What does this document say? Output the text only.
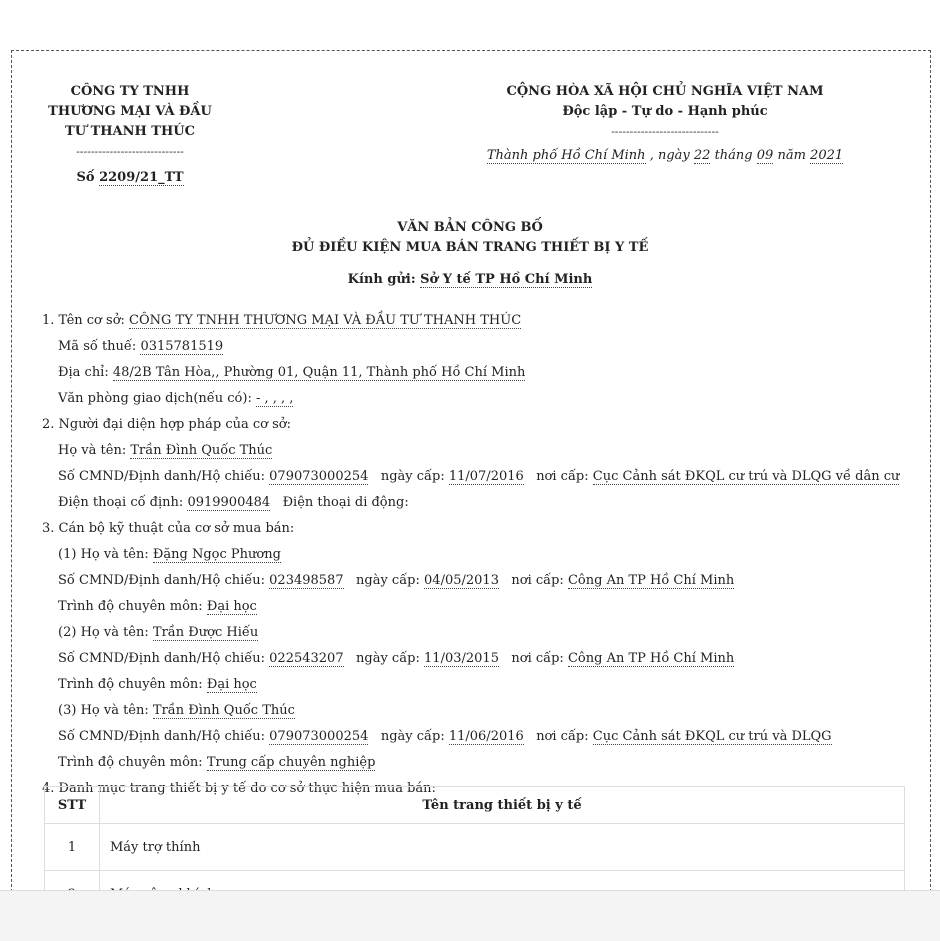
CÔNG TY TNHH
THƯƠNG MẠI VÀ ĐẦU
TƯ THANH THÚC
-----------------------------
Số 2209/21_TT
CỘNG HÒA XÃ HỘI CHỦ NGHĨA VIỆT NAM
Độc lập - Tự do - Hạnh phúc
-----------------------------
Thành phố Hồ Chí Minh , ngày 22 tháng 09 năm 2021
VĂN BẢN CÔNG BỐ
ĐỦ ĐIỀU KIỆN MUA BÁN TRANG THIẾT BỊ Y TẾ
Kính gửi: Sở Y tế TP Hồ Chí Minh
1. Tên cơ sở: CÔNG TY TNHH THƯƠNG MẠI VÀ ĐẦU TƯ THANH THÚC
Mã số thuế: 0315781519
Địa chỉ: 48/2B Tân Hòa,, Phường 01, Quận 11, Thành phố Hồ Chí Minh
Văn phòng giao dịch(nếu có): - , , , ,
2. Người đại diện hợp pháp của cơ sở:
Họ và tên: Trần Đình Quốc Thúc
Số CMND/Định danh/Hộ chiếu: 079073000254 ngày cấp: 11/07/2016 nơi cấp: Cục Cảnh sát ĐKQL cư trú và DLQG về dân cư
Điện thoại cố định: 0919900484 Điện thoại di động:
3. Cán bộ kỹ thuật của cơ sở mua bán:
(1) Họ và tên: Đặng Ngọc Phương
Số CMND/Định danh/Hộ chiếu: 023498587 ngày cấp: 04/05/2013 nơi cấp: Công An TP Hồ Chí Minh
Trình độ chuyên môn: Đại học
(2) Họ và tên: Trần Được Hiếu
Số CMND/Định danh/Hộ chiếu: 022543207 ngày cấp: 11/03/2015 nơi cấp: Công An TP Hồ Chí Minh
Trình độ chuyên môn: Đại học
(3) Họ và tên: Trần Đình Quốc Thúc
Số CMND/Định danh/Hộ chiếu: 079073000254 ngày cấp: 11/06/2016 nơi cấp: Cục Cảnh sát ĐKQL cư trú và DLQG
Trình độ chuyên môn: Trung cấp chuyên nghiệp
4. Danh mục trang thiết bị y tế do cơ sở thực hiện mua bán:
STT	Tên trang thiết bị y tế
1	Máy trợ thính
